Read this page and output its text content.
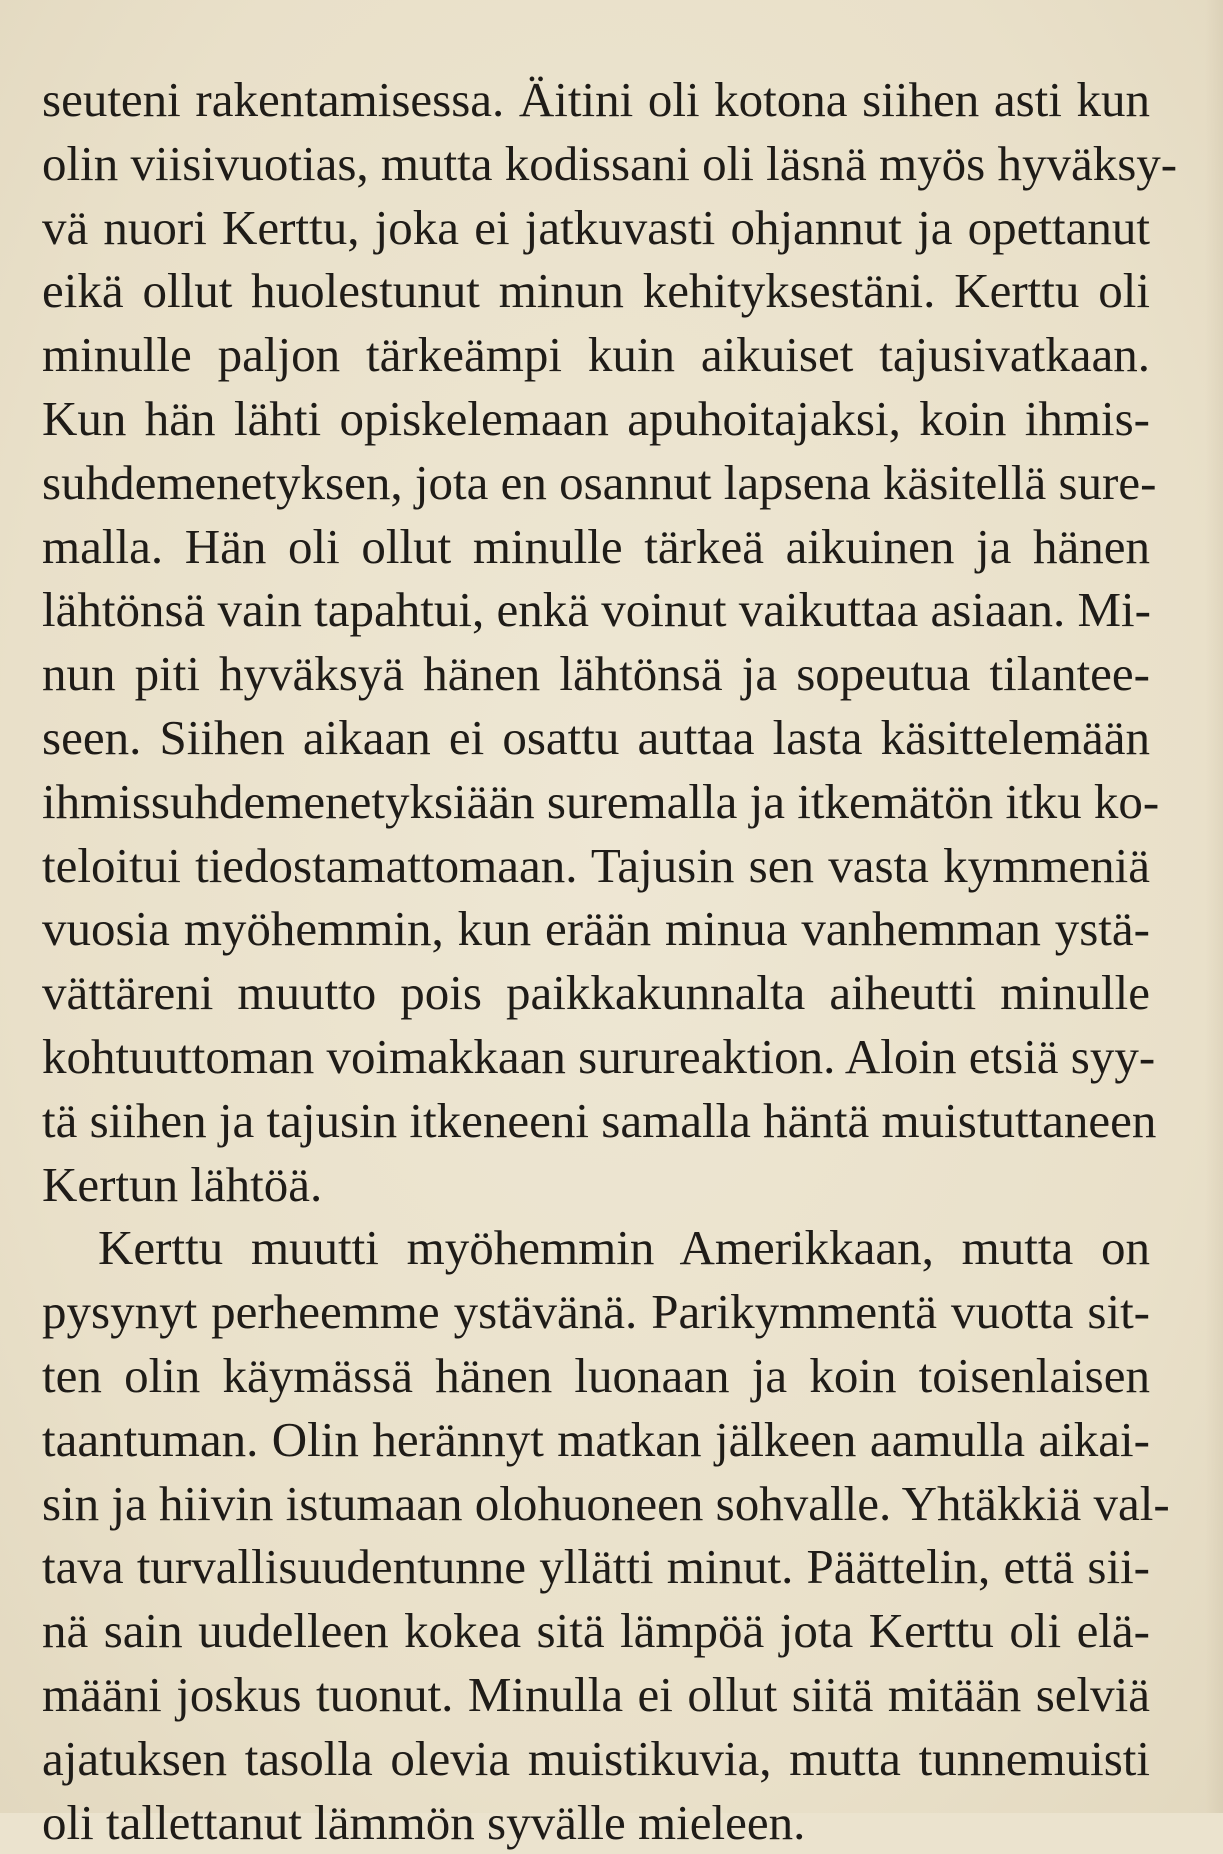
seuteni rakentamisessa. Äitini oli kotona siihen asti kun
olin viisivuotias, mutta kodissani oli läsnä myös hyväksy-
vä nuori Kerttu, joka ei jatkuvasti ohjannut ja opettanut
eikä ollut huolestunut minun kehityksestäni. Kerttu oli
minulle paljon tärkeämpi kuin aikuiset tajusivatkaan.
Kun hän lähti opiskelemaan apuhoitajaksi, koin ihmis-
suhdemenetyksen, jota en osannut lapsena käsitellä sure-
malla. Hän oli ollut minulle tärkeä aikuinen ja hänen
lähtönsä vain tapahtui, enkä voinut vaikuttaa asiaan. Mi-
nun piti hyväksyä hänen lähtönsä ja sopeutua tilantee-
seen. Siihen aikaan ei osattu auttaa lasta käsittelemään
ihmissuhdemenetyksiään suremalla ja itkemätön itku ko-
teloitui tiedostamattomaan. Tajusin sen vasta kymmeniä
vuosia myöhemmin, kun erään minua vanhemman ystä-
vättäreni muutto pois paikkakunnalta aiheutti minulle
kohtuuttoman voimakkaan surureaktion. Aloin etsiä syy-
tä siihen ja tajusin itkeneeni samalla häntä muistuttaneen
Kertun lähtöä.
Kerttu muutti myöhemmin Amerikkaan, mutta on
pysynyt perheemme ystävänä. Parikymmentä vuotta sit-
ten olin käymässä hänen luonaan ja koin toisenlaisen
taantuman. Olin herännyt matkan jälkeen aamulla aikai-
sin ja hiivin istumaan olohuoneen sohvalle. Yhtäkkiä val-
tava turvallisuudentunne yllätti minut. Päättelin, että sii-
nä sain uudelleen kokea sitä lämpöä jota Kerttu oli elä-
määni joskus tuonut. Minulla ei ollut siitä mitään selviä
ajatuksen tasolla olevia muistikuvia, mutta tunnemuisti
oli tallettanut lämmön syvälle mieleen.
